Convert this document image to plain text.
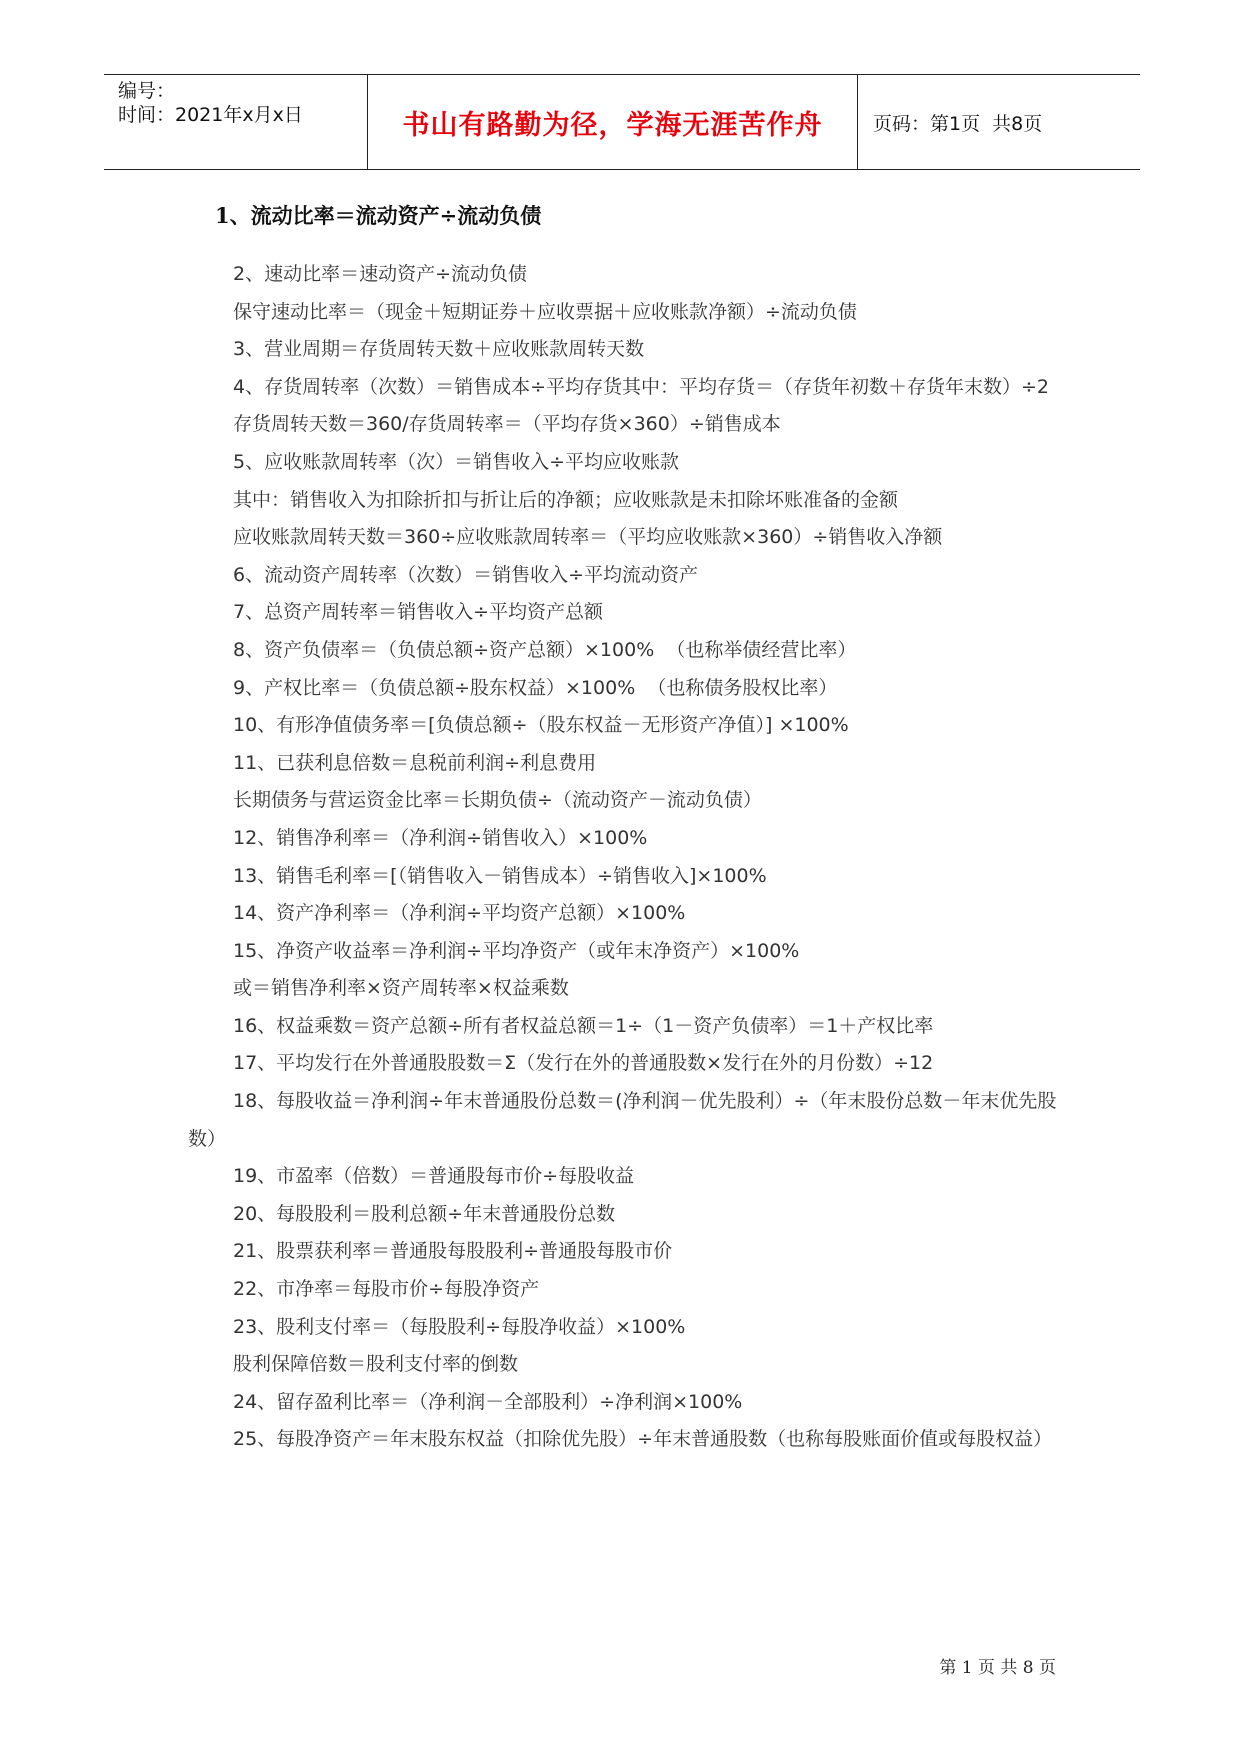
编号：
时间：2021年x月x日	书山有路勤为径，学海无涯苦作舟	页码：第1页  共8页
1、流动比率＝流动资产÷流动负债
2、速动比率＝速动资产÷流动负债
保守速动比率＝（现金＋短期证券＋应收票据＋应收账款净额）÷流动负债
3、营业周期＝存货周转天数＋应收账款周转天数
4、存货周转率（次数）＝销售成本÷平均存货其中：平均存货＝（存货年初数＋存货年末数）÷2
存货周转天数＝360/存货周转率＝（平均存货×360）÷销售成本
5、应收账款周转率（次）＝销售收入÷平均应收账款
其中：销售收入为扣除折扣与折让后的净额；应收账款是未扣除坏账准备的金额
应收账款周转天数＝360÷应收账款周转率＝（平均应收账款×360）÷销售收入净额
6、流动资产周转率（次数）＝销售收入÷平均流动资产
7、总资产周转率＝销售收入÷平均资产总额
8、资产负债率＝（负债总额÷资产总额）×100%  （也称举债经营比率）
9、产权比率＝（负债总额÷股东权益）×100%  （也称债务股权比率）
10、有形净值债务率＝[负债总额÷（股东权益－无形资产净值）] ×100%
11、已获利息倍数＝息税前利润÷利息费用
长期债务与营运资金比率＝长期负债÷（流动资产－流动负债）
12、销售净利率＝（净利润÷销售收入）×100%
13、销售毛利率＝[（销售收入－销售成本）÷销售收入]×100%
14、资产净利率＝（净利润÷平均资产总额）×100%
15、净资产收益率＝净利润÷平均净资产（或年末净资产）×100%
或＝销售净利率×资产周转率×权益乘数
16、权益乘数＝资产总额÷所有者权益总额＝1÷（1－资产负债率）＝1＋产权比率
17、平均发行在外普通股股数＝Σ（发行在外的普通股数×发行在外的月份数）÷12
18、每股收益＝净利润÷年末普通股份总数＝(净利润－优先股利）÷（年末股份总数－年末优先股数）
19、市盈率（倍数）＝普通股每市价÷每股收益
20、每股股利＝股利总额÷年末普通股份总数
21、股票获利率＝普通股每股股利÷普通股每股市价
22、市净率＝每股市价÷每股净资产
23、股利支付率＝（每股股利÷每股净收益）×100%
股利保障倍数＝股利支付率的倒数
24、留存盈利比率＝（净利润－全部股利）÷净利润×100%
25、每股净资产＝年末股东权益（扣除优先股）÷年末普通股数（也称每股账面价值或每股权益）
第 1 页 共 8 页
